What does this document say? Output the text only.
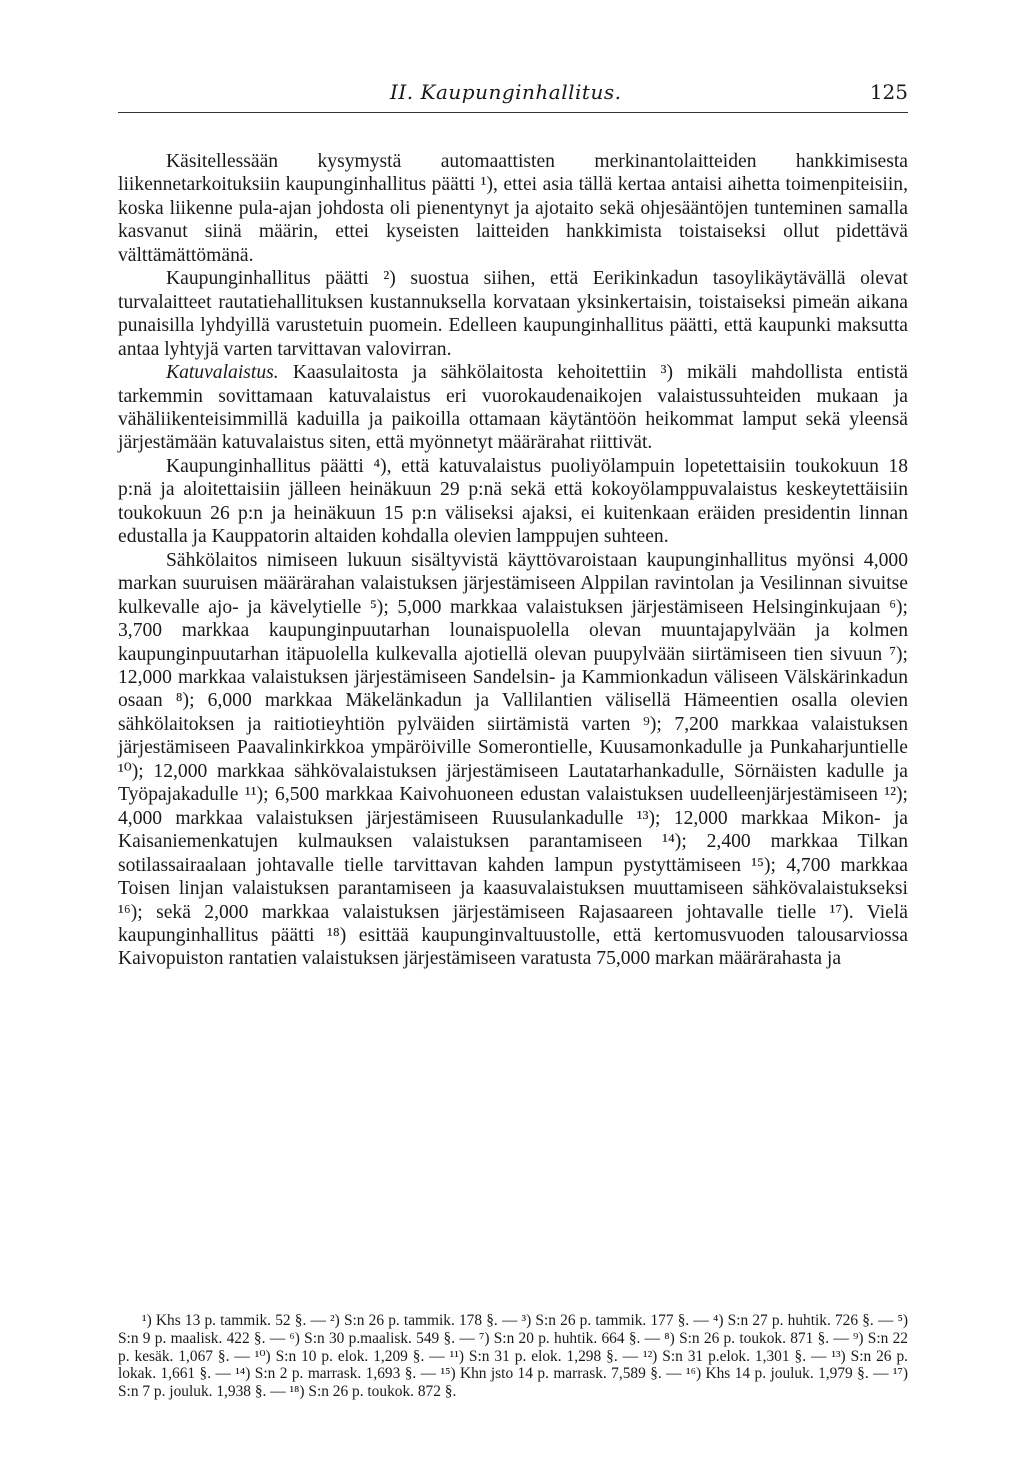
II. Kaupunginhallitus.	125

Käsitellessään kysymystä automaattisten merkinantolaitteiden hankkimisesta liikennetarkoituksiin kaupunginhallitus päätti ¹), ettei asia tällä kertaa antaisi aihetta toimenpiteisiin, koska liikenne pula-ajan johdosta oli pienentynyt ja ajotaito sekä ohjesääntöjen tunteminen samalla kasvanut siinä määrin, ettei kyseisten laitteiden hankkimista toistaiseksi ollut pidettävä välttämättömänä.

Kaupunginhallitus päätti ²) suostua siihen, että Eerikinkadun tasoylikäytävällä olevat turvalaitteet rautatiehallituksen kustannuksella korvataan yksinkertaisin, toistaiseksi pimeän aikana punaisilla lyhdyillä varustetuin puomein. Edelleen kaupunginhallitus päätti, että kaupunki maksutta antaa lyhtyjä varten tarvittavan valovirran.

Katuvalaistus. Kaasulaitosta ja sähkölaitosta kehoitettiin ³) mikäli mahdollista entistä tarkemmin sovittamaan katuvalaistus eri vuorokaudenaikojen valaistussuhteiden mukaan ja vähäliikenteisimmillä kaduilla ja paikoilla ottamaan käytäntöön heikommat lamput sekä yleensä järjestämään katuvalaistus siten, että myönnetyt määrärahat riittivät.

Kaupunginhallitus päätti ⁴), että katuvalaistus puoliyölampuin lopetettaisiin toukokuun 18 p:nä ja aloitettaisiin jälleen heinäkuun 29 p:nä sekä että kokoyölamppuvalaistus keskeytettäisiin toukokuun 26 p:n ja heinäkuun 15 p:n väliseksi ajaksi, ei kuitenkaan eräiden presidentin linnan edustalla ja Kauppatorin altaiden kohdalla olevien lamppujen suhteen.

Sähkölaitos nimiseen lukuun sisältyvistä käyttövaroistaan kaupunginhallitus myönsi 4,000 markan suuruisen määrärahan valaistuksen järjestämiseen Alppilan ravintolan ja Vesilinnan sivuitse kulkevalle ajo- ja kävelytielle ⁵); 5,000 markkaa valaistuksen järjestämiseen Helsinginkujaan ⁶); 3,700 markkaa kaupunginpuutarhan lounaispuolella olevan muuntajapylvään ja kolmen kaupunginpuutarhan itäpuolella kulkevalla ajotiellä olevan puupylvään siirtämiseen tien sivuun ⁷); 12,000 markkaa valaistuksen järjestämiseen Sandelsin- ja Kammionkadun väliseen Välskärinkadun osaan ⁸); 6,000 markkaa Mäkelänkadun ja Vallilantien välisellä Hämeentien osalla olevien sähkölaitoksen ja raitiotieyhtiön pylväiden siirtämistä varten ⁹); 7,200 markkaa valaistuksen järjestämiseen Paavalinkirkkoa ympäröiville Somerontielle, Kuusamonkadulle ja Punkaharjuntielle ¹⁰); 12,000 markkaa sähkövalaistuksen järjestämiseen Lautatarhankadulle, Sörnäisten kadulle ja Työpajakadulle ¹¹); 6,500 markkaa Kaivohuoneen edustan valaistuksen uudelleenjärjestämiseen ¹²); 4,000 markkaa valaistuksen järjestämiseen Ruusulankadulle ¹³); 12,000 markkaa Mikon- ja Kaisaniemenkatujen kulmauksen valaistuksen parantamiseen ¹⁴); 2,400 markkaa Tilkan sotilassairaalaan johtavalle tielle tarvittavan kahden lampun pystyttämiseen ¹⁵); 4,700 markkaa Toisen linjan valaistuksen parantamiseen ja kaasuvalaistuksen muuttamiseen sähkövalaistukseksi ¹⁶); sekä 2,000 markkaa valaistuksen järjestämiseen Rajasaareen johtavalle tielle ¹⁷). Vielä kaupunginhallitus päätti ¹⁸) esittää kaupunginvaltuustolle, että kertomusvuoden talousarviossa Kaivopuiston rantatien valaistuksen järjestämiseen varatusta 75,000 markan määrärahasta ja

¹) Khs 13 p. tammik. 52 §. — ²) S:n 26 p. tammik. 178 §. — ³) S:n 26 p. tammik. 177 §. — ⁴) S:n 27 p. huhtik. 726 §. — ⁵) S:n 9 p. maalisk. 422 §. — ⁶) S:n 30 p.maalisk. 549 §. — ⁷) S:n 20 p. huhtik. 664 §. — ⁸) S:n 26 p. toukok. 871 §. — ⁹) S:n 22 p. kesäk. 1,067 §. — ¹⁰) S:n 10 p. elok. 1,209 §. — ¹¹) S:n 31 p. elok. 1,298 §. — ¹²) S:n 31 p.elok. 1,301 §. — ¹³) S:n 26 p. lokak. 1,661 §. — ¹⁴) S:n 2 p. marrask. 1,693 §. — ¹⁵) Khn jsto 14 p. marrask. 7,589 §. — ¹⁶) Khs 14 p. jouluk. 1,979 §. — ¹⁷) S:n 7 p. jouluk. 1,938 §. — ¹⁸) S:n 26 p. toukok. 872 §.
